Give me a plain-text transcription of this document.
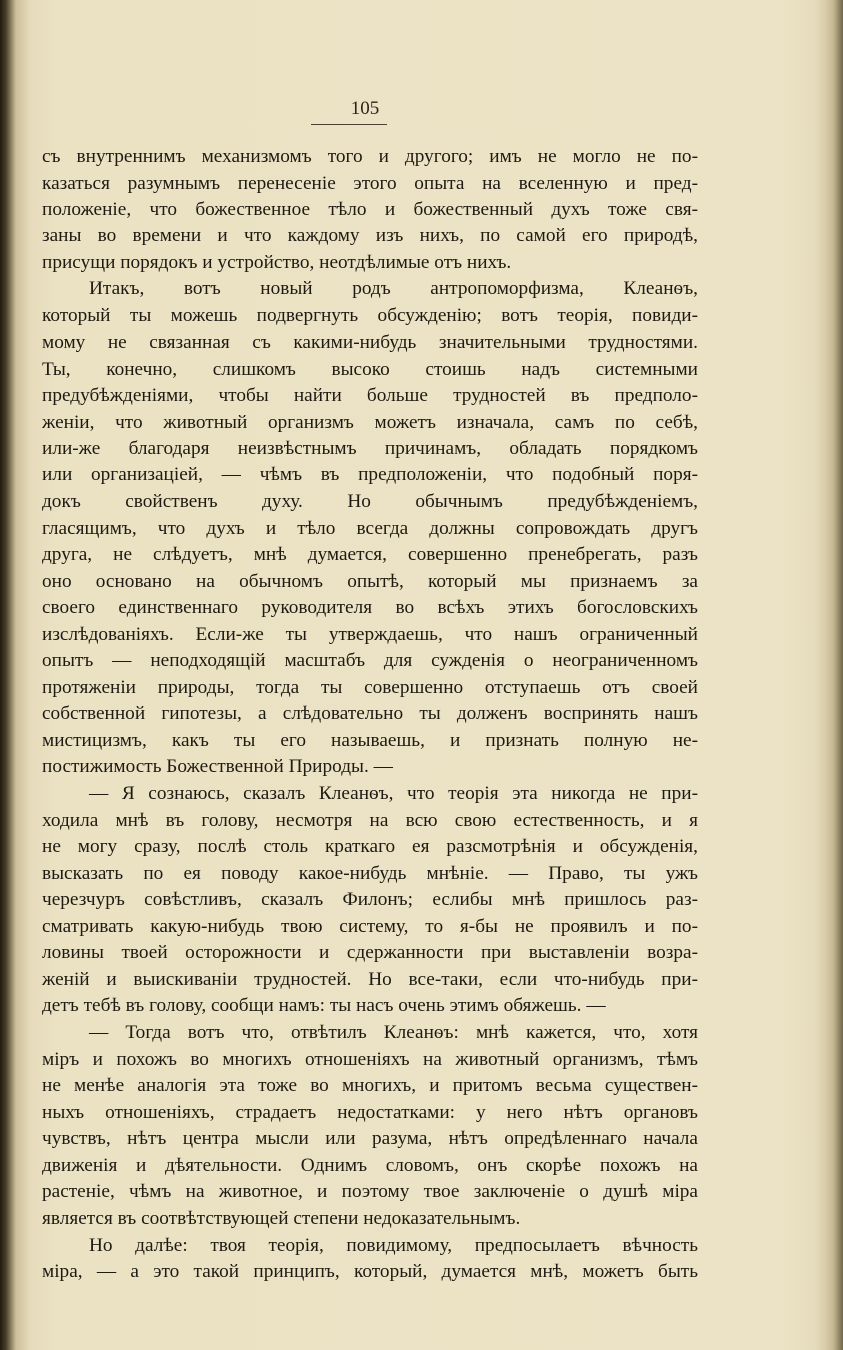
105
съ внутреннимъ механизмомъ того и другого; имъ не могло не по-
казаться разумнымъ перенесеніе этого опыта на вселенную и пред-
положеніе, что божественное тѣло и божественный духъ тоже свя-
заны во времени и что каждому изъ нихъ, по самой его природѣ,
присущи порядокъ и устройство, неотдѣлимые отъ нихъ.
Итакъ, вотъ новый родъ антропоморфизма, Клеанѳъ,
который ты можешь подвергнуть обсужденію; вотъ теорія, повиди-
мому не связанная съ какими-нибудь значительными трудностями.
Ты, конечно, слишкомъ высоко стоишь надъ системными
предубѣжденіями, чтобы найти больше трудностей въ предполо-
женіи, что животный организмъ можетъ изначала, самъ по себѣ,
или-же благодаря неизвѣстнымъ причинамъ, обладать порядкомъ
или организаціей, — чѣмъ въ предположеніи, что подобный поря-
докъ свойственъ духу. Но обычнымъ предубѣжденіемъ,
гласящимъ, что духъ и тѣло всегда должны сопровождать другъ
друга, не слѣдуетъ, мнѣ думается, совершенно пренебрегать, разъ
оно основано на обычномъ опытѣ, который мы признаемъ за
своего единственнаго руководителя во всѣхъ этихъ богословскихъ
изслѣдованіяхъ. Если-же ты утверждаешь, что нашъ ограниченный
опытъ — неподходящій масштабъ для сужденія о неограниченномъ
протяженіи природы, тогда ты совершенно отступаешь отъ своей
собственной гипотезы, а слѣдовательно ты долженъ воспринять нашъ
мистицизмъ, какъ ты его называешь, и признать полную не-
постижимость Божественной Природы. —
— Я сознаюсь, сказалъ Клеанѳъ, что теорія эта никогда не при-
ходила мнѣ въ голову, несмотря на всю свою естественность, и я
не могу сразу, послѣ столь краткаго ея разсмотрѣнія и обсужденія,
высказать по ея поводу какое-нибудь мнѣніе. — Право, ты ужъ
черезчуръ совѣстливъ, сказалъ Филонъ; еслибы мнѣ пришлось раз-
сматривать какую-нибудь твою систему, то я-бы не проявилъ и по-
ловины твоей осторожности и сдержанности при выставленіи возра-
женій и выискиваніи трудностей. Но все-таки, если что-нибудь при-
детъ тебѣ въ голову, сообщи намъ: ты насъ очень этимъ обяжешь. —
— Тогда вотъ что, отвѣтилъ Клеанѳъ: мнѣ кажется, что, хотя
міръ и похожъ во многихъ отношеніяхъ на животный организмъ, тѣмъ
не менѣе аналогія эта тоже во многихъ, и притомъ весьма существен-
ныхъ отношеніяхъ, страдаетъ недостатками: у него нѣтъ органовъ
чувствъ, нѣтъ центра мысли или разума, нѣтъ опредѣленнаго начала
движенія и дѣятельности. Однимъ словомъ, онъ скорѣе похожъ на
растеніе, чѣмъ на животное, и поэтому твое заключеніе о душѣ міра
является въ соотвѣтствующей степени недоказательнымъ.
Но далѣе: твоя теорія, повидимому, предпосылаетъ вѣчность
міра, — а это такой принципъ, который, думается мнѣ, можетъ быть
